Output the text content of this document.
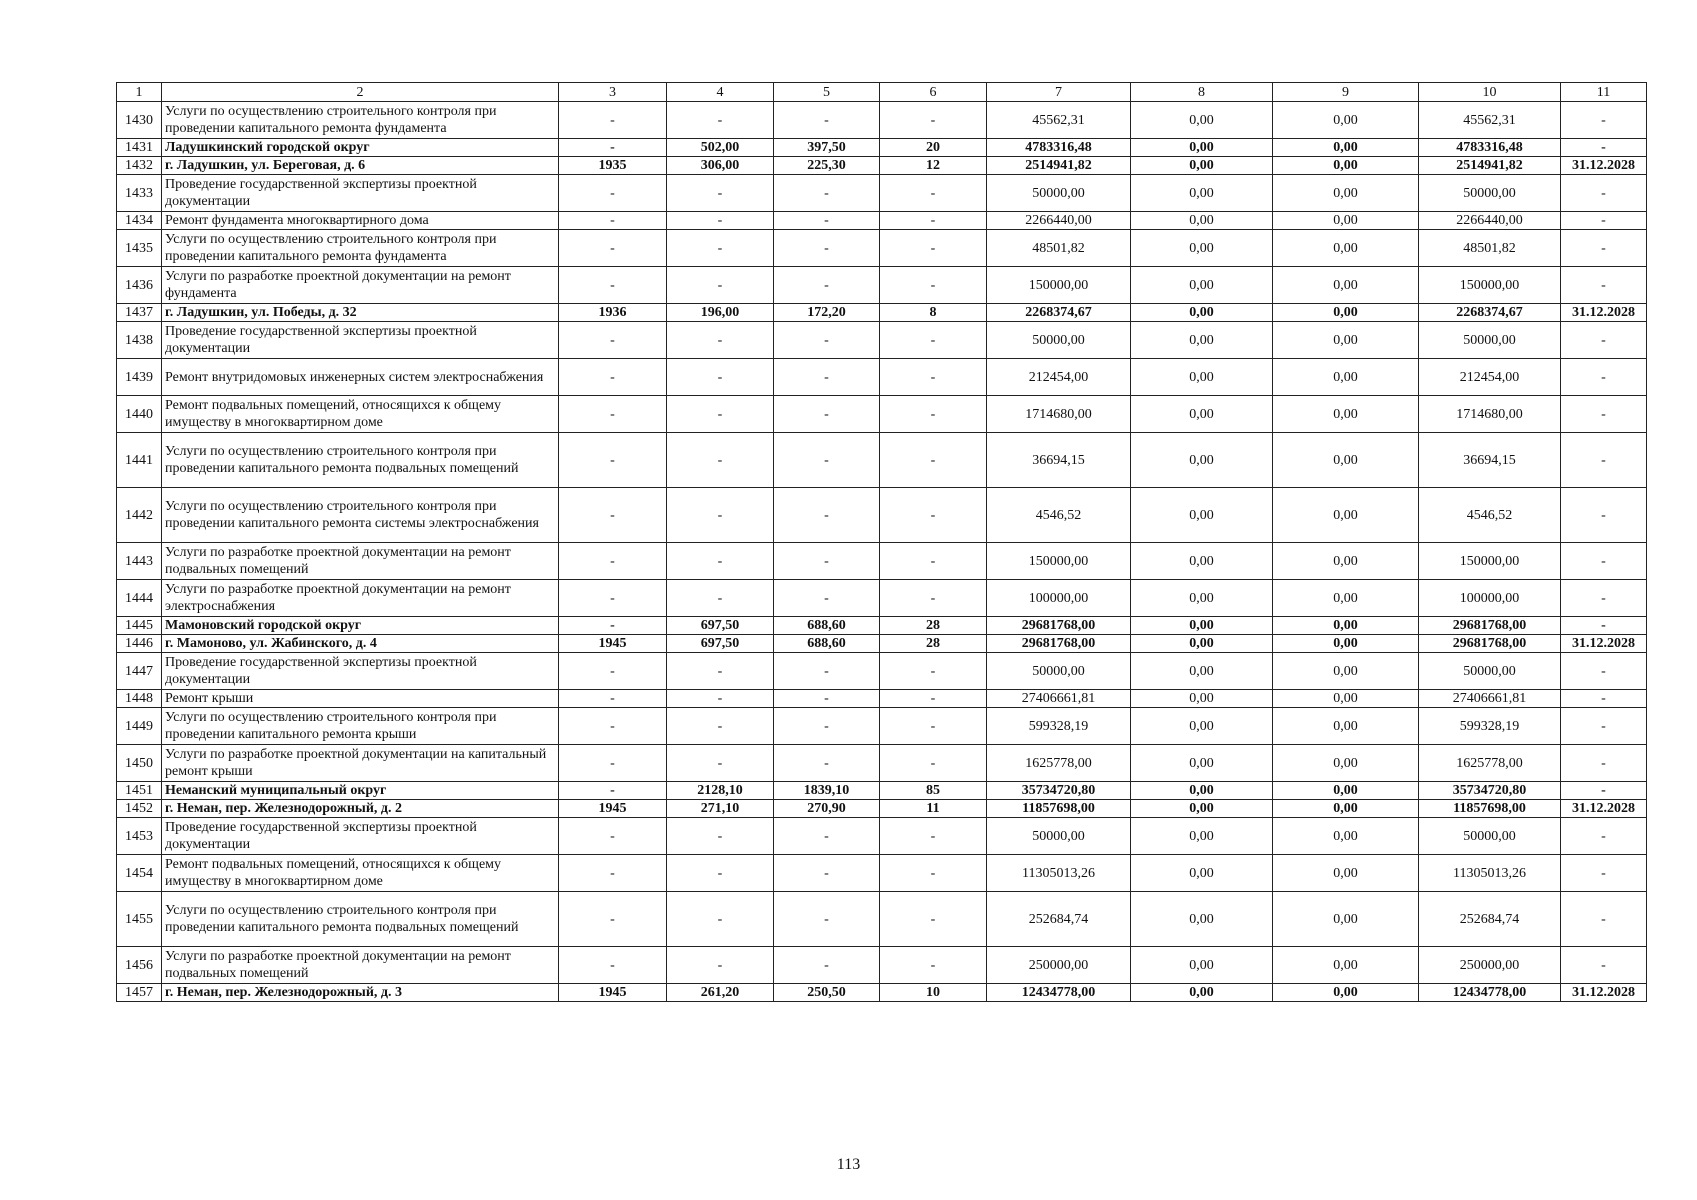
1	2	3	4	5	6	7	8	9	10	11
1430	Услуги по осуществлению строительного контроля при проведении капитального ремонта фундамента	-	-	-	-	45562,31	0,00	0,00	45562,31	-
1431	Ладушкинский городской округ	-	502,00	397,50	20	4783316,48	0,00	0,00	4783316,48	-
1432	г. Ладушкин, ул. Береговая, д. 6	1935	306,00	225,30	12	2514941,82	0,00	0,00	2514941,82	31.12.2028
1433	Проведение государственной экспертизы проектной документации	-	-	-	-	50000,00	0,00	0,00	50000,00	-
1434	Ремонт фундамента многоквартирного дома	-	-	-	-	2266440,00	0,00	0,00	2266440,00	-
1435	Услуги по осуществлению строительного контроля при проведении капитального ремонта фундамента	-	-	-	-	48501,82	0,00	0,00	48501,82	-
1436	Услуги по разработке проектной документации на ремонт фундамента	-	-	-	-	150000,00	0,00	0,00	150000,00	-
1437	г. Ладушкин, ул. Победы, д. 32	1936	196,00	172,20	8	2268374,67	0,00	0,00	2268374,67	31.12.2028
1438	Проведение государственной экспертизы проектной документации	-	-	-	-	50000,00	0,00	0,00	50000,00	-
1439	Ремонт внутридомовых инженерных систем электроснабжения	-	-	-	-	212454,00	0,00	0,00	212454,00	-
1440	Ремонт подвальных помещений, относящихся к общему имуществу в многоквартирном доме	-	-	-	-	1714680,00	0,00	0,00	1714680,00	-
1441	Услуги по осуществлению строительного контроля при проведении капитального ремонта подвальных помещений	-	-	-	-	36694,15	0,00	0,00	36694,15	-
1442	Услуги по осуществлению строительного контроля при проведении капитального ремонта системы электроснабжения	-	-	-	-	4546,52	0,00	0,00	4546,52	-
1443	Услуги по разработке проектной документации на ремонт подвальных помещений	-	-	-	-	150000,00	0,00	0,00	150000,00	-
1444	Услуги по разработке проектной документации на ремонт электроснабжения	-	-	-	-	100000,00	0,00	0,00	100000,00	-
1445	Мамоновский городской округ	-	697,50	688,60	28	29681768,00	0,00	0,00	29681768,00	-
1446	г. Мамоново, ул. Жабинского, д. 4	1945	697,50	688,60	28	29681768,00	0,00	0,00	29681768,00	31.12.2028
1447	Проведение государственной экспертизы проектной документации	-	-	-	-	50000,00	0,00	0,00	50000,00	-
1448	Ремонт крыши	-	-	-	-	27406661,81	0,00	0,00	27406661,81	-
1449	Услуги по осуществлению строительного контроля при проведении капитального ремонта крыши	-	-	-	-	599328,19	0,00	0,00	599328,19	-
1450	Услуги по разработке проектной документации на капитальный ремонт крыши	-	-	-	-	1625778,00	0,00	0,00	1625778,00	-
1451	Неманский муниципальный округ	-	2128,10	1839,10	85	35734720,80	0,00	0,00	35734720,80	-
1452	г. Неман, пер. Железнодорожный, д. 2	1945	271,10	270,90	11	11857698,00	0,00	0,00	11857698,00	31.12.2028
1453	Проведение государственной экспертизы проектной документации	-	-	-	-	50000,00	0,00	0,00	50000,00	-
1454	Ремонт подвальных помещений, относящихся к общему имуществу в многоквартирном доме	-	-	-	-	11305013,26	0,00	0,00	11305013,26	-
1455	Услуги по осуществлению строительного контроля при проведении капитального ремонта подвальных помещений	-	-	-	-	252684,74	0,00	0,00	252684,74	-
1456	Услуги по разработке проектной документации на ремонт подвальных помещений	-	-	-	-	250000,00	0,00	0,00	250000,00	-
1457	г. Неман, пер. Железнодорожный, д. 3	1945	261,20	250,50	10	12434778,00	0,00	0,00	12434778,00	31.12.2028
113
